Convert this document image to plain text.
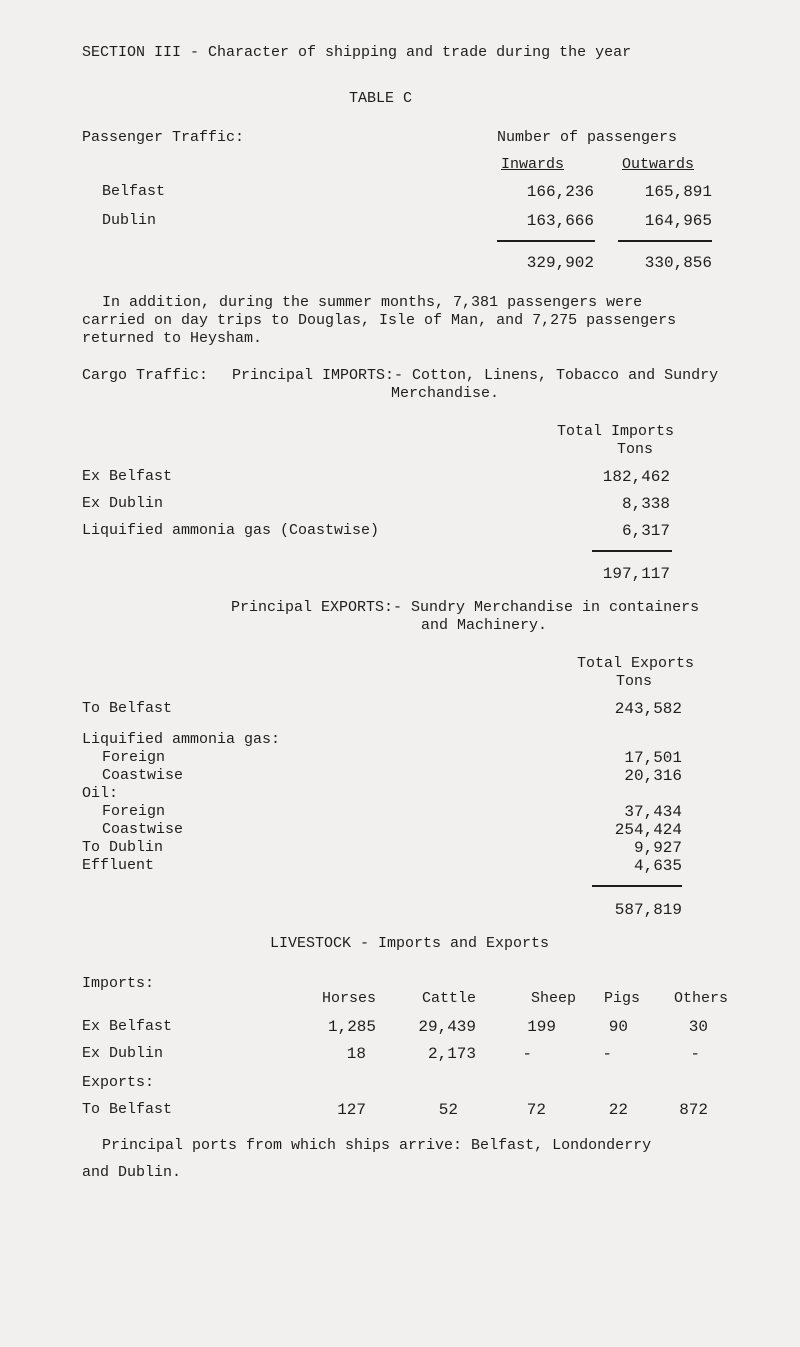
SECTION III - Character of shipping and trade during the year
TABLE C
Passenger Traffic:	Number of passengers
Inwards	Outwards
Belfast	166,236	165,891
Dublin	163,666	164,965
329,902	330,856
In addition, during the summer months, 7,381 passengers were
carried on day trips to Douglas, Isle of Man, and 7,275 passengers
returned to Heysham.
Cargo Traffic: Principal IMPORTS:- Cotton, Linens, Tobacco and Sundry
Merchandise.
Total Imports
Tons
Ex Belfast	182,462
Ex Dublin	8,338
Liquified ammonia gas (Coastwise)	6,317
197,117
Principal EXPORTS:- Sundry Merchandise in containers
and Machinery.
Total Exports
Tons
To Belfast	243,582
Liquified ammonia gas:
Foreign	17,501
Coastwise	20,316
Oil:
Foreign	37,434
Coastwise	254,424
To Dublin	9,927
Effluent	4,635
587,819
LIVESTOCK - Imports and Exports
Imports:
Horses	Cattle	Sheep	Pigs	Others
Ex Belfast	1,285	29,439	199	90	30
Ex Dublin	18	2,173	-	-	-
Exports:
To Belfast	127	52	72	22	872
Principal ports from which ships arrive: Belfast, Londonderry
and Dublin.
